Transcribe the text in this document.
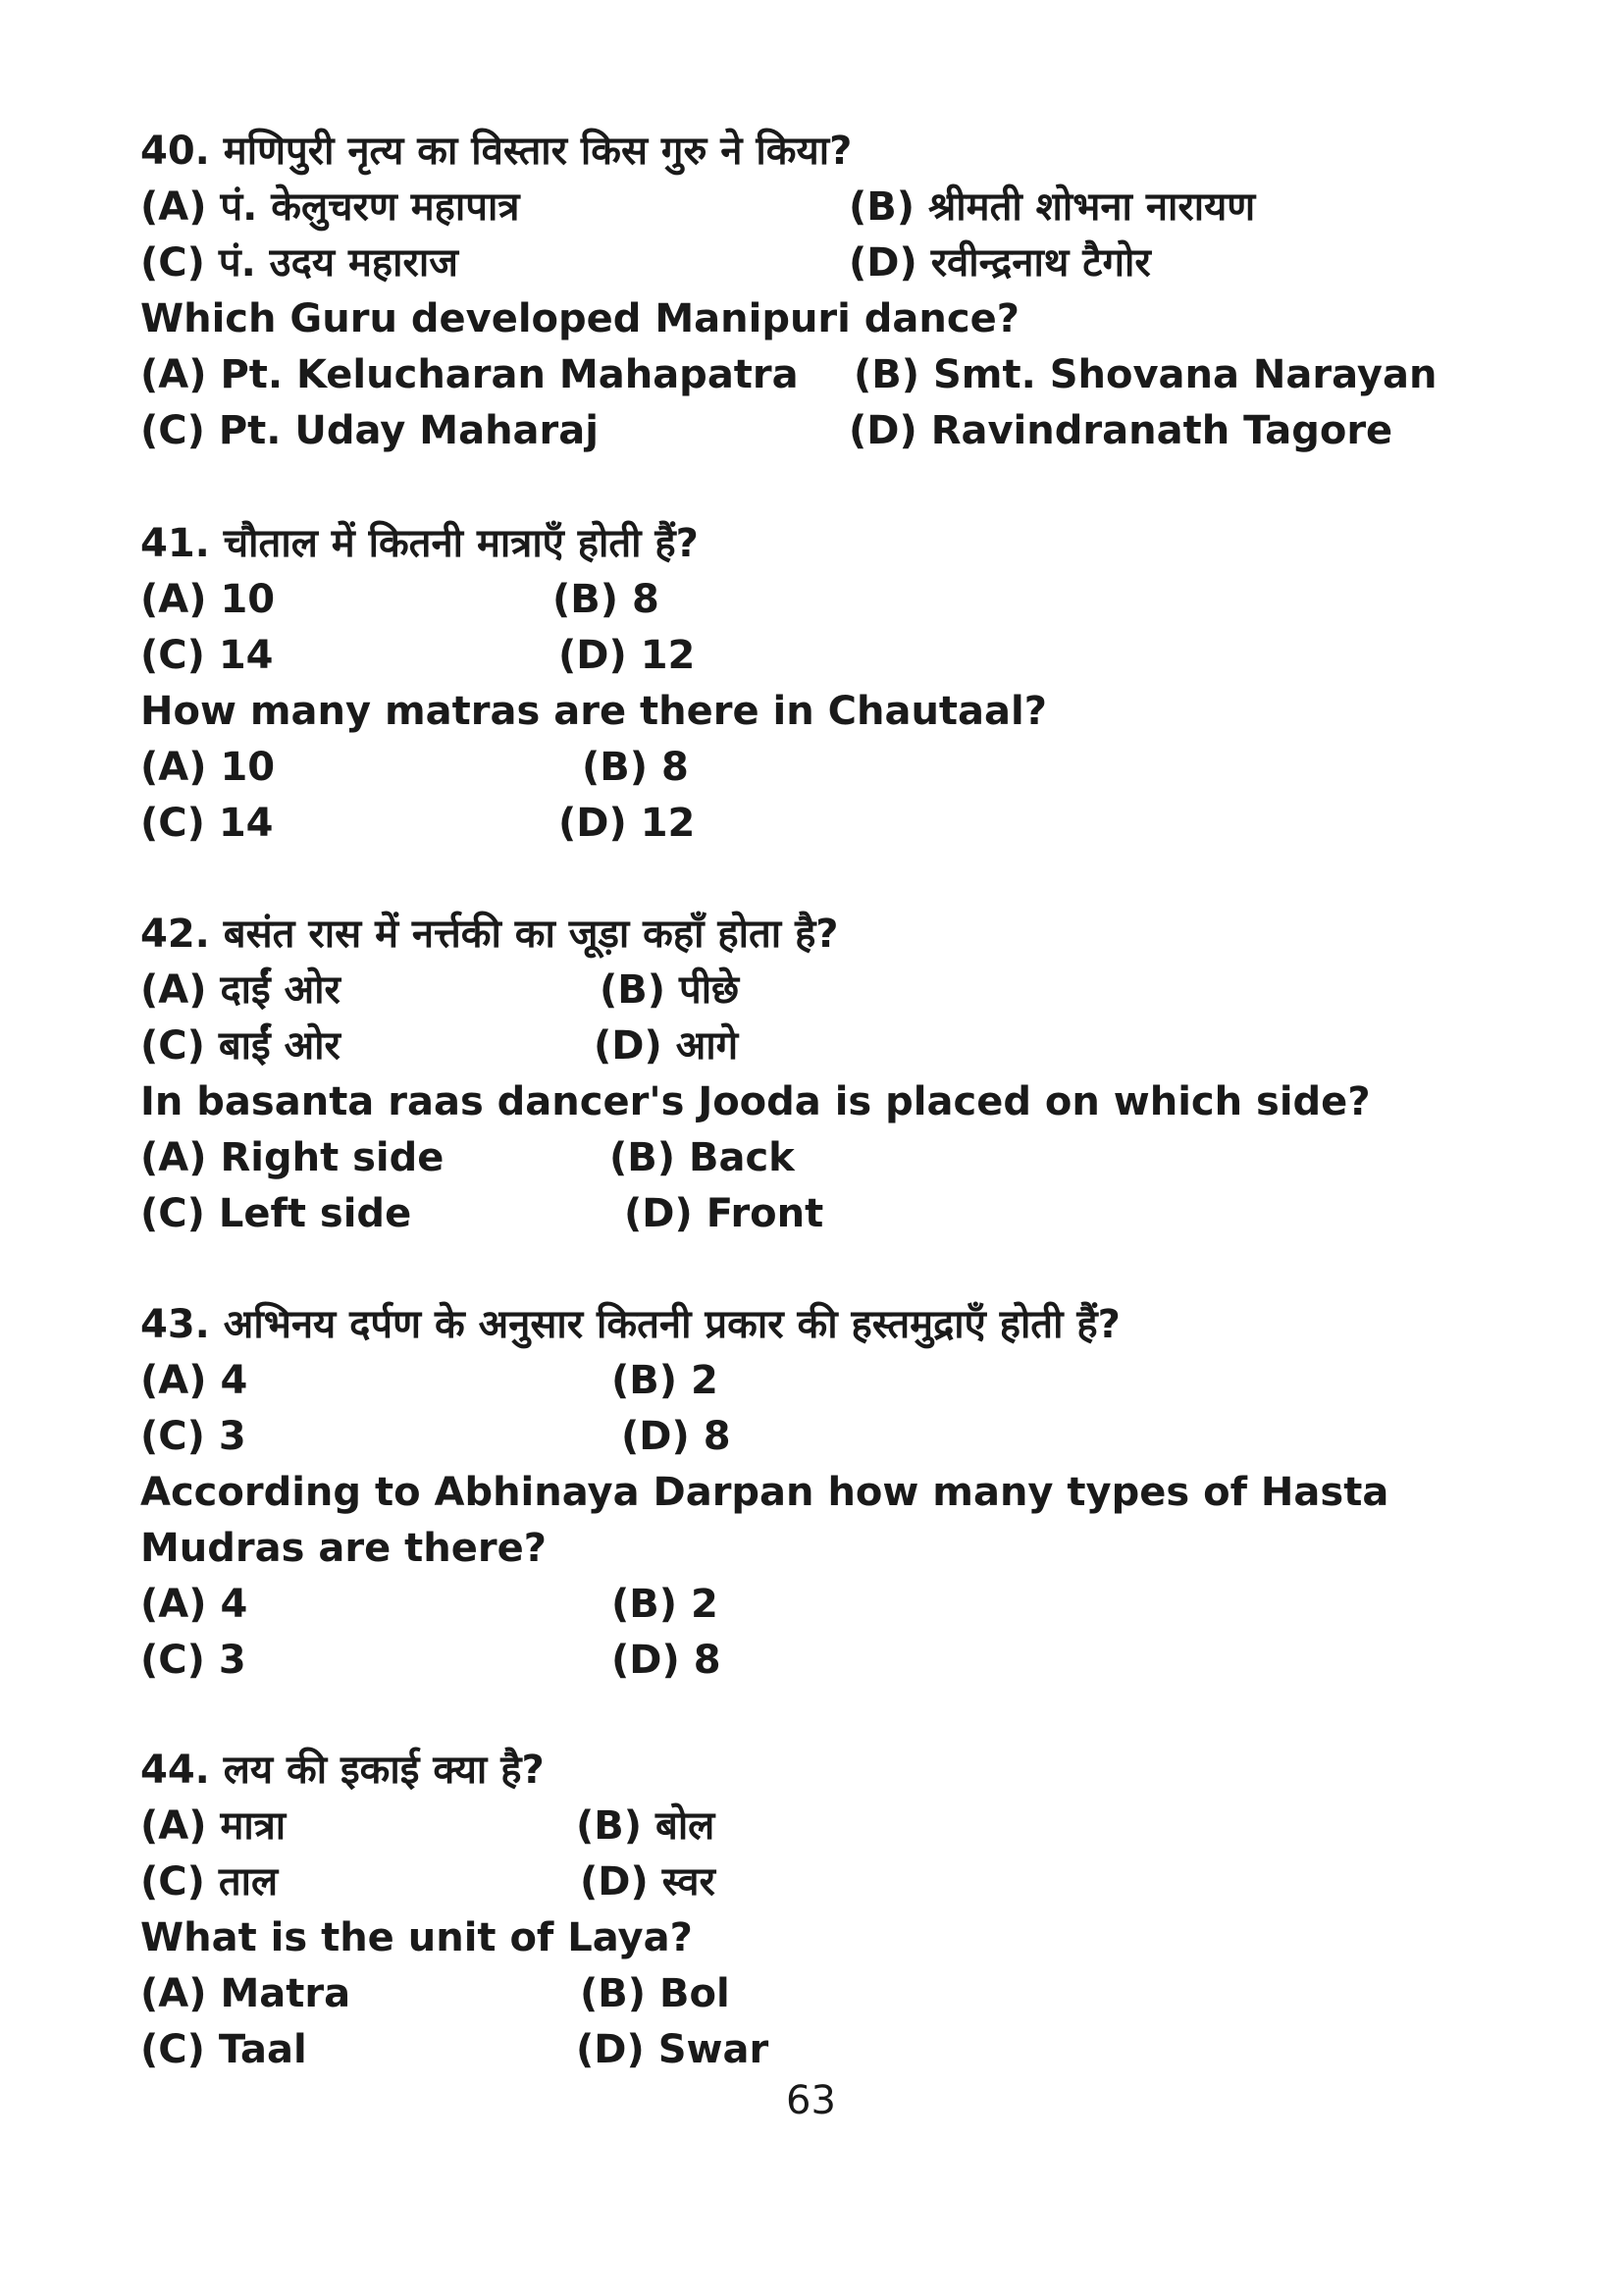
40. मणिपुरी नृत्य का विस्तार किस गुरु ने किया?
(A) पं. केलुचरण महापात्र	(B) श्रीमती शोभना नारायण
(C) पं. उदय महाराज	(D) रवीन्द्रनाथ टैगोर
Which Guru developed Manipuri dance?
(A) Pt. Kelucharan Mahapatra (B) Smt. Shovana Narayan
(C) Pt. Uday Maharaj	(D) Ravindranath Tagore
41. चौताल में कितनी मात्राएँ होती हैं?
(A) 10	(B) 8
(C) 14	(D) 12
How many matras are there in Chautaal?
(A) 10	(B) 8
(C) 14	(D) 12
42. बसंत रास में नर्त्तकी का जूड़ा कहाँ होता है?
(A) दाईं ओर	(B) पीछे
(C) बाईं ओर	(D) आगे
In basanta raas dancer's Jooda is placed on which side?
(A) Right side	(B) Back
(C) Left side	(D) Front
43. अभिनय दर्पण के अनुसार कितनी प्रकार की हस्तमुद्राएँ होती हैं?
(A) 4	(B) 2
(C) 3	(D) 8
According to Abhinaya Darpan how many types of Hasta Mudras are there?
(A) 4	(B) 2
(C) 3	(D) 8
44. लय की इकाई क्या है?
(A) मात्रा	(B) बोल
(C) ताल	(D) स्वर
What is the unit of Laya?
(A) Matra	(B) Bol
(C) Taal	(D) Swar
63
